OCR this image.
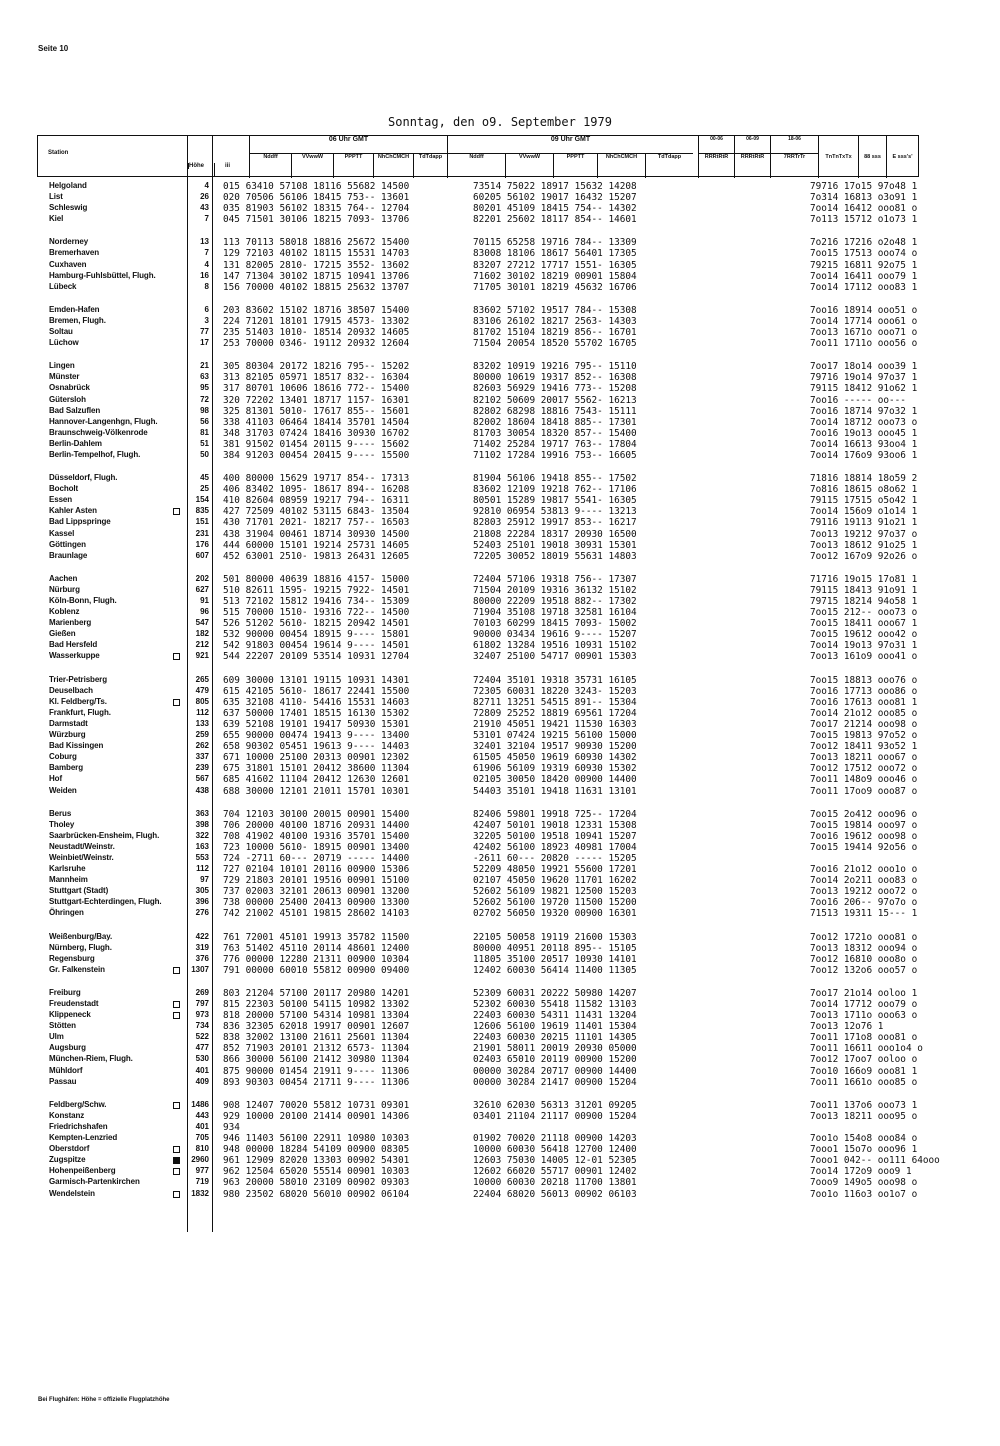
Seite 10
Sonntag, den o9. September 1979
Station
Höhe	iii
06 Uhr GMT	09 Uhr GMT	00-06	06-09	18-06
Nddff	VVwwW	PPPTT	NhChCMCH	TdTdapp	Nddff	VVwwW	PPPTT	NhChCMCH	TdTdapp	RRRtRtR	RRRtRtR	7RRTrTr	TnTnTxTx	88 sss	E sss's'
Helgoland	4 015 63410 57108 18116 55682 14500	73514 75022 18917 15632 14208	79716 17o15 97o48 1
List	26 020 70506 56106 18415 753-- 13601	60205 56102 19017 16432 15207	7o314 16813 o3o91 1
Schleswig	43 035 81903 56102 18315 764-- 12704	80201 45109 18415 754-- 14302	7oo14 16412 ooo81 o
Kiel	7 045 71501 30106 18215 7093- 13706	82201 25602 18117 854-- 14601	7o113 15712 o1o73 1
Norderney	13 113 70113 58018 18816 25672 15400	70115 65258 19716 784-- 13309	7o216 17216 o2o48 1
Bremerhaven	7 129 72103 40102 18115 15531 14703	83008 18106 18617 56401 17305	7oo15 17513 ooo74 o
Cuxhaven	4 131 82005 2810- 17215 3552- 13602	83207 27212 17717 1551- 16305	79215 16811 92o75 1
Hamburg-Fuhlsbüttel, Flugh.	16 147 71304 30102 18715 10941 13706	71602 30102 18219 00901 15804	7oo14 16411 ooo79 1
Lübeck	8 156 70000 40102 18815 25632 13707	71705 30101 18219 45632 16706	7oo14 17112 ooo83 1
Emden-Hafen	6 203 83602 15102 18716 38507 15400	83602 57102 19517 784-- 15308	7oo16 18914 ooo51 o
Bremen, Flugh.	3 224 71201 18101 17915 4573- 13302	83106 26102 18217 2563- 14303	7oo14 17714 ooo61 o
Soltau	77 235 51403 1010- 18514 20932 14605	81702 15104 18219 856-- 16701	7oo13 1671o ooo71 o
Lüchow	17 253 70000 0346- 19112 20932 12604	71504 20054 18520 55702 16705	7oo11 1711o ooo56 o
Lingen	21 305 80304 20172 18216 795-- 15202	83202 10919 19216 795-- 15110	7oo17 18o14 ooo39 1
Münster	63 313 82105 05971 18517 832-- 16304	80000 10619 19317 852-- 16308	79716 19o14 97o37 1
Osnabrück	95 317 80701 10606 18616 772-- 15400	82603 56929 19416 773-- 15208	79115 18412 91o62 1
Gütersloh	72 320 72202 13401 18717 1157- 16301	82102 50609 20017 5562- 16213	7oo16 ----- oo---
Bad Salzuflen	98 325 81301 5010- 17617 855-- 15601	82802 68298 18816 7543- 15111	7oo16 18714 97o32 1
Hannover-Langenhgn, Flugh.	56 338 41103 06464 18414 35701 14504	82002 18604 18418 885-- 17301	7oo14 18712 ooo73 o
Braunschweig-Völkenrode	81 348 31703 07424 18416 30930 16702	81703 30054 18320 857-- 15400	7oo16 19o13 ooo45 1
Berlin-Dahlem	51 381 91502 01454 20115 9---- 15602	71402 25284 19717 763-- 17804	7oo14 16613 93oo4 1
Berlin-Tempelhof, Flugh.	50 384 91203 00454 20415 9---- 15500	71102 17284 19916 753-- 16605	7oo14 176o9 93oo6 1
Düsseldorf, Flugh.	45 400 80000 15629 19717 854-- 17313	81904 56106 19418 855-- 17502	71816 18814 18o59 2
Bocholt	25 406 83402 1095- 18617 894-- 16208	83602 12109 19218 762-- 17106	7o816 18615 o8o62 1
Essen	154 410 82604 08959 19217 794-- 16311	80501 15289 19817 5541- 16305	79115 17515 o5o42 1
Kahler Asten	835 427 72509 40102 53115 6843- 13504	92810 06954 53813 9---- 13213	7oo14 156o9 o1o14 1
Bad Lippspringe	151 430 71701 2021- 18217 757-- 16503	82803 25912 19917 853-- 16217	79116 19113 91o21 1
Kassel	231 438 31904 00461 18714 30930 14500	21808 22284 18317 20930 16500	7oo13 19212 97o37 o
Göttingen	176 444 60000 15101 19214 25731 14605	52403 25101 19018 30931 15301	7oo13 18612 91o25 1
Braunlage	607 452 63001 2510- 19813 26431 12605	72205 30052 18019 55631 14803	7oo12 167o9 92o26 o
Aachen	202 501 80000 40639 18816 4157- 15000	72404 57106 19318 756-- 17307	71716 19o15 17o81 1
Nürburg	627 510 82611 1595- 19215 7922- 14501	71504 20109 19316 36132 15102	79115 18413 91o91 1
Köln-Bonn, Flugh.	91 513 72102 15812 19416 734-- 15309	80000 22209 19518 882-- 17302	79715 18214 94o58 1
Koblenz	96 515 70000 1510- 19316 722-- 14500	71904 35108 19718 32581 16104	7oo15 212-- ooo73 o
Marienberg	547 526 51202 5610- 18215 20942 14501	70103 60299 18415 7093- 15002	7oo15 18411 ooo67 1
Gießen	182 532 90000 00454 18915 9---- 15801	90000 03434 19616 9---- 15207	7oo15 19612 ooo42 o
Bad Hersfeld	212 542 91803 00454 19614 9---- 14501	61802 13284 19516 10931 15102	7oo14 19o13 97o31 1
Wasserkuppe	921 544 22207 20109 53514 10931 12704	32407 25100 54717 00901 15303	7oo13 161o9 ooo41 o
Trier-Petrisberg	265 609 30000 13101 19115 10931 14301	72404 35101 19318 35731 16105	7oo15 18813 ooo76 o
Deuselbach	479 615 42105 5610- 18617 22441 15500	72305 60031 18220 3243- 15203	7oo16 17713 ooo86 o
Kl. Feldberg/Ts.	805 635 32108 4110- 54416 15531 14603	82711 13251 54515 891-- 15304	7oo16 17613 ooo81 1
Frankfurt, Flugh.	112 637 50000 17401 18515 16130 15302	72809 25252 18819 69561 17204	7oo14 21o12 ooo85 o
Darmstadt	133 639 52108 19101 19417 50930 15301	21910 45051 19421 11530 16303	7oo17 21214 ooo98 o
Würzburg	259 655 90000 00474 19413 9---- 13400	53101 07424 19215 56100 15000	7oo15 19813 97o52 o
Bad Kissingen	262 658 90302 05451 19613 9---- 14403	32401 32104 19517 90930 15200	7oo12 18411 93o52 1
Coburg	337 671 10000 25100 20313 00901 12302	61505 45050 19619 60930 14302	7oo13 18211 ooo67 o
Bamberg	239 675 31801 15101 20412 38600 11304	61906 56109 19319 60930 15302	7oo12 17512 ooo72 o
Hof	567 685 41602 11104 20412 12630 12601	02105 30050 18420 00900 14400	7oo11 148o9 ooo46 o
Weiden	438 688 30000 12101 21011 15701 10301	54403 35101 19418 11631 13101	7oo11 17oo9 ooo87 o
Berus	363 704 12103 30100 20015 00901 15400	82406 59801 19918 725-- 17204	7oo15 2o412 ooo96 o
Tholey	398 706 20000 40100 18716 20931 14400	42407 50101 19018 12331 15308	7oo15 19814 ooo97 o
Saarbrücken-Ensheim, Flugh.	322 708 41902 40100 19316 35701 15400	32205 50100 19518 10941 15207	7oo16 19612 ooo98 o
Neustadt/Weinstr.	163 723 10000 5610- 18915 00901 13400	42402 56100 18923 40981 17004	7oo15 19414 92o56 o
Weinbiet/Weinstr.	553 724 -2711 60--- 20719 ----- 14400	-2611 60--- 20820 ----- 15205
Karlsruhe	112 727 02104 10101 20116 00900 15306	52209 48050 19921 55600 17201	7oo16 21o12 ooo1o o
Mannheim	97 729 21803 20101 19516 00901 15100	02107 45050 19620 11701 16202	7oo14 2o211 ooo83 o
Stuttgart (Stadt)	305 737 02003 32101 20613 00901 13200	52602 56109 19821 12500 15203	7oo13 19212 ooo72 o
Stuttgart-Echterdingen, Flugh.	396 738 00000 25400 20413 00900 13300	52602 56100 19720 11500 15200	7oo16 206-- 97o7o o
Öhringen	276 742 21002 45101 19815 28602 14103	02702 56050 19320 00900 16301	71513 19311 15--- 1
Weißenburg/Bay.	422 761 72001 45101 19913 35782 11500	22105 50058 19119 21600 15303	7oo12 1721o ooo81 o
Nürnberg, Flugh.	319 763 51402 45110 20114 48601 12400	80000 40951 20118 895-- 15105	7oo13 18312 ooo94 o
Regensburg	376 776 00000 12280 21311 00900 10304	11805 35100 20517 10930 14101	7oo12 16810 ooo8o o
Gr. Falkenstein	1307 791 00000 60010 55812 00900 09400	12402 60030 56414 11400 11305	7oo12 132o6 ooo57 o
Freiburg	269 803 21204 57100 20117 20980 14201	52309 60031 20222 50980 14207	7oo17 21o14 ooloo 1
Freudenstadt	797 815 22303 50100 54115 10982 13302	52302 60030 55418 11582 13103	7oo14 17712 ooo79 o
Klippeneck	973 818 20000 57100 54314 10981 13304	22403 60030 54311 11431 13204	7oo13 1711o ooo63 o
Stötten	734 836 32305 62018 19917 00901 12607	12606 56100 19619 11401 15304	7oo13 12o76 1
Ulm	522 838 32002 13100 21611 25601 11304	22403 60030 20215 11101 14305	7oo11 171o8 ooo81 o
Augsburg	477 852 71903 20101 21312 6573- 11304	21901 58011 20019 20930 05000	7oo11 16611 ooo1o4 o
München-Riem, Flugh.	530 866 30000 56100 21412 30980 11304	02403 65010 20119 00900 15200	7oo12 17oo7 ooloo o
Mühldorf	401 875 90000 01454 21911 9---- 11306	00000 30284 20717 00900 14400	7oo10 166o9 ooo81 1
Passau	409 893 90303 00454 21711 9---- 11306	00000 30284 21417 00900 15204	7oo11 1661o ooo85 o
Feldberg/Schw.	1486 908 12407 70020 55812 10731 09301	32610 62030 56313 31201 09205	7oo11 137o6 ooo73 1
Konstanz	443 929 10000 20100 21414 00901 14306	03401 21104 21117 00900 15204	7oo13 18211 ooo95 o
Friedrichshafen	401 934
Kempten-Lenzried	705 946 11403 56100 22911 10980 10303	01902 70020 21118 00900 14203	7oo1o 154o8 ooo84 o
Oberstdorf	810 948 00000 18284 54109 00900 08305	10000 60030 56418 12700 12400	7ooo1 15o7o ooo96 1
Zugspitze	2960 961 12909 82020 13303 00902 54301	12603 75030 14005 12-01 52305	7ooo1 042-- oo111 64ooo
Hohenpeißenberg	977 962 12504 65020 55514 00901 10303	12602 66020 55717 00901 12402	7oo14 172o9 ooo9 1
Garmisch-Partenkirchen	719 963 20000 58010 23109 00902 09303	10000 60030 20218 11700 13801	7ooo9 149o5 ooo98 o
Wendelstein	1832 980 23502 68020 56010 00902 06104	22404 68020 56013 00902 06103	7oo1o 116o3 oo1o7 o
Bei Flughäfen: Höhe = offizielle Flugplatzhöhe
